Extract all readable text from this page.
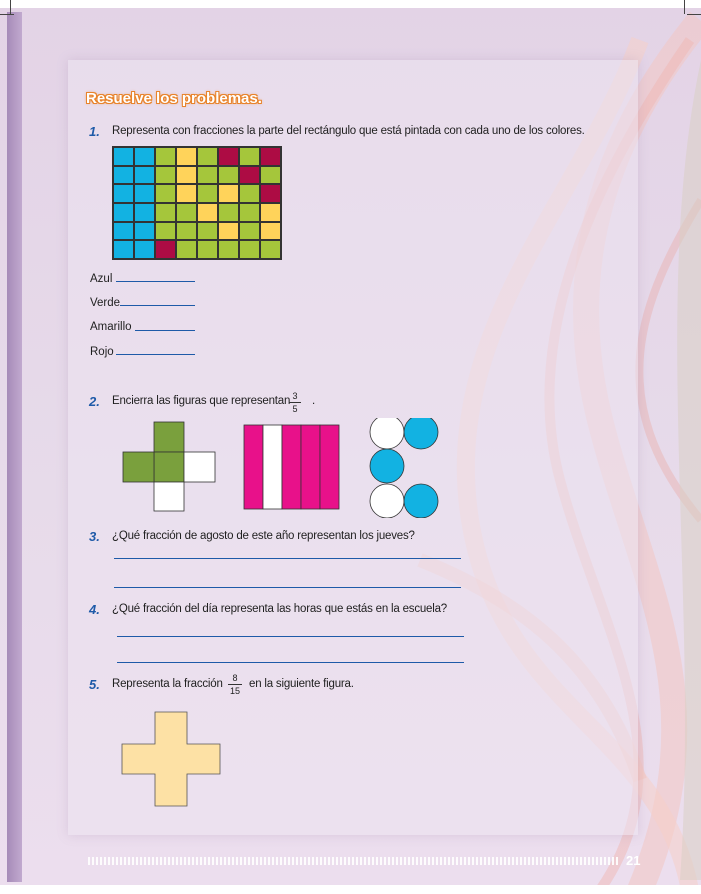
Resuelve los problemas.
1. Representa con fracciones la parte del rectángulo que está pintada con cada uno de los colores.
Azul
Verde
Amarillo
Rojo
2. Encierra las figuras que representan 3
5
.
3. ¿Qué fracción de agosto de este año representan los jueves?
4. ¿Qué fracción del día representa las horas que estás en la escuela?
5. Representa la fracción 8
15
en la siguiente figura.
21
